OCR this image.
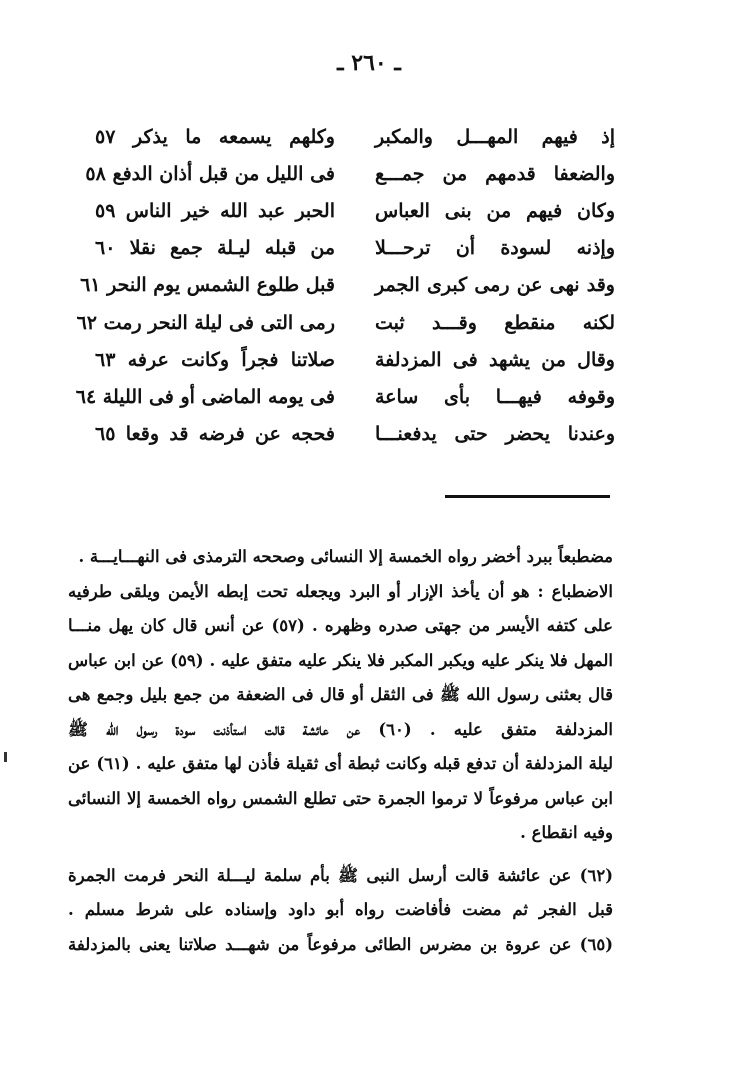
ـ ٢٦٠ ـ
إذ فيهم المهـــل والمكبر
وكلهم يسمعه ما يذكر ٥٧
والضعفا قدمهم من جمـــع
فى الليل من قبل أذان الدفع ٥٨
وكان فيهم من بنى العباس
الحبر عبد الله خير الناس ٥٩
وإذنه لسودة أن ترحـــلا
من قبله ليـلة جمع نقلا ٦٠
وقد نهى عن رمى كبرى الجمر
قبل طلوع الشمس يوم النحر ٦١
لكنه منقطع وقـــد ثبت
رمى التى فى ليلة النحر رمت ٦٢
وقال من يشهد فى المزدلفة
صلاتنا فجراً وكانت عرفه ٦٣
وقوفه فيهـــا بأى ساعة
فى يومه الماضى أو فى الليلة ٦٤
وعندنا يحضر حتى يدفعنـــا
فحجه عن فرضه قد وقعا ٦٥
مضطبعاً ببرد أخضر رواه الخمسة إلا النسائى وصححه الترمذى فى النهـــايـــة .
الاضطباع : هو أن يأخذ الإزار أو البرد ويجعله تحت إبطه الأيمن ويلقى طرفيه
على كتفه الأيسر من جهتى صدره وظهره . (٥٧) عن أنس قال كان يهل منـــا
المهل فلا ينكر عليه ويكبر المكبر فلا ينكر عليه متفق عليه . (٥٩) عن ابن عباس
قال بعثنى رسول الله ﷺ فى الثقل أو قال فى الضعفة من جمع بليل وجمع هى
المزدلفة متفق عليه . (٦٠) عن عائشة قالت استأذنت سودة رسول الله ﷺ
ليلة المزدلفة أن تدفع قبله وكانت ثبطة أى ثقيلة فأذن لها متفق عليه . (٦١) عن
ابن عباس مرفوعاً لا ترموا الجمرة حتى تطلع الشمس رواه الخمسة إلا النسائى
وفيه انقطاع .
(٦٢) عن عائشة قالت أرسل النبى ﷺ بأم سلمة ليـــلة النحر فرمت الجمرة
قبل الفجر ثم مضت فأفاضت رواه أبو داود وإسناده على شرط مسلم .
(٦٥) عن عروة بن مضرس الطائى مرفوعاً من شهـــد صلاتنا يعنى بالمزدلفة
